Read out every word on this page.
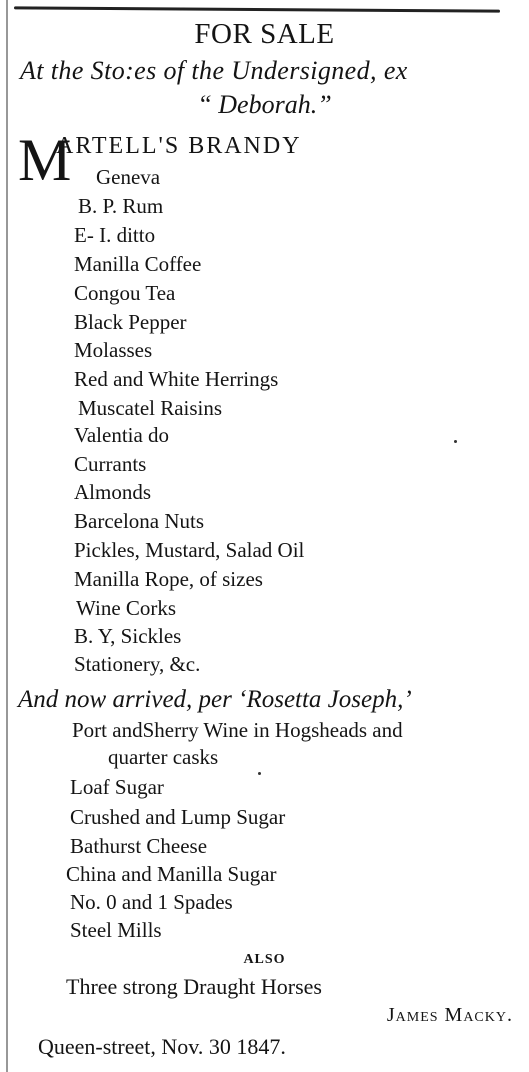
FOR SALE
At the Sto:es of the Undersigned, ex
“ Deborah.”
M
ARTELL'S BRANDY
Geneva
B. P. Rum
E- I. ditto
Manilla Coffee
Congou Tea
Black Pepper
Molasses
Red and White Herrings
Muscatel Raisins
Valentia do
Currants
Almonds
Barcelona Nuts
Pickles, Mustard, Salad Oil
Manilla Rope, of sizes
Wine Corks
B. Y, Sickles
Stationery, &c.
And now arrived, per ‘Rosetta Joseph,’
Port andSherry Wine in Hogsheads and
quarter casks
Loaf Sugar
Crushed and Lump Sugar
Bathurst Cheese
China and Manilla Sugar
No. 0 and 1 Spades
Steel Mills
ALSO
Three strong Draught Horses
James Macky.
Queen-street, Nov. 30 1847.
